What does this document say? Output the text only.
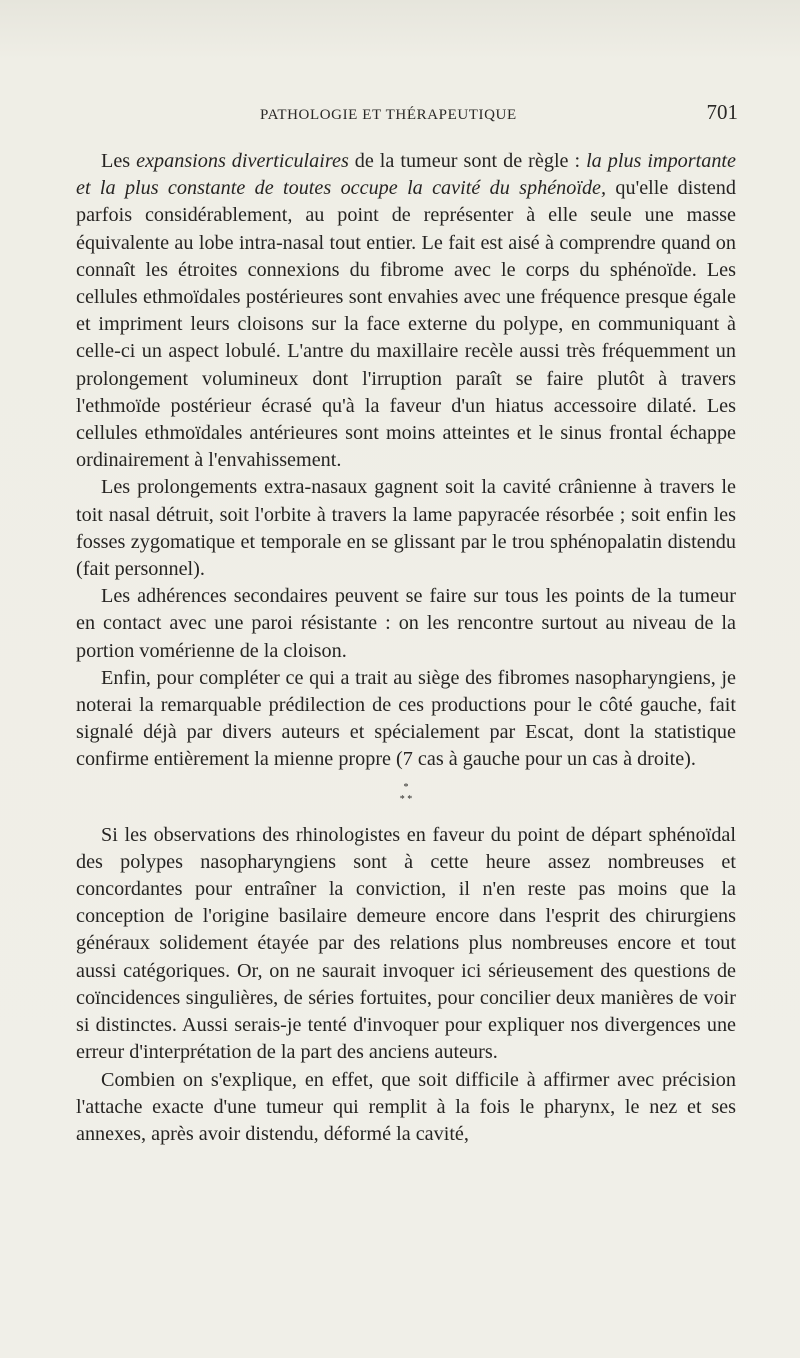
PATHOLOGIE ET THÉRAPEUTIQUE	701

Les expansions diverticulaires de la tumeur sont de règle : la plus importante et la plus constante de toutes occupe la cavité du sphénoïde, qu'elle distend parfois considérablement, au point de représenter à elle seule une masse équivalente au lobe intra-nasal tout entier. Le fait est aisé à comprendre quand on connaît les étroites connexions du fibrome avec le corps du sphénoïde. Les cellules ethmoïdales postérieures sont envahies avec une fréquence presque égale et impriment leurs cloisons sur la face externe du polype, en communiquant à celle-ci un aspect lobulé. L'antre du maxillaire recèle aussi très fréquemment un prolongement volumineux dont l'irruption paraît se faire plutôt à travers l'ethmoïde postérieur écrasé qu'à la faveur d'un hiatus accessoire dilaté. Les cellules ethmoïdales antérieures sont moins atteintes et le sinus frontal échappe ordinairement à l'envahissement.

Les prolongements extra-nasaux gagnent soit la cavité crânienne à travers le toit nasal détruit, soit l'orbite à travers la lame papyracée résorbée ; soit enfin les fosses zygomatique et temporale en se glissant par le trou sphénopalatin distendu (fait personnel).

Les adhérences secondaires peuvent se faire sur tous les points de la tumeur en contact avec une paroi résistante : on les rencontre surtout au niveau de la portion vomérienne de la cloison.

Enfin, pour compléter ce qui a trait au siège des fibromes nasopharyngiens, je noterai la remarquable prédilection de ces productions pour le côté gauche, fait signalé déjà par divers auteurs et spécialement par Escat, dont la statistique confirme entièrement la mienne propre (7 cas à gauche pour un cas à droite).

*
* *

Si les observations des rhinologistes en faveur du point de départ sphénoïdal des polypes nasopharyngiens sont à cette heure assez nombreuses et concordantes pour entraîner la conviction, il n'en reste pas moins que la conception de l'origine basilaire demeure encore dans l'esprit des chirurgiens généraux solidement étayée par des relations plus nombreuses encore et tout aussi catégoriques. Or, on ne saurait invoquer ici sérieusement des questions de coïncidences singulières, de séries fortuites, pour concilier deux manières de voir si distinctes. Aussi serais-je tenté d'invoquer pour expliquer nos divergences une erreur d'interprétation de la part des anciens auteurs.

Combien on s'explique, en effet, que soit difficile à affirmer avec précision l'attache exacte d'une tumeur qui remplit à la fois le pharynx, le nez et ses annexes, après avoir distendu, déformé la cavité,
